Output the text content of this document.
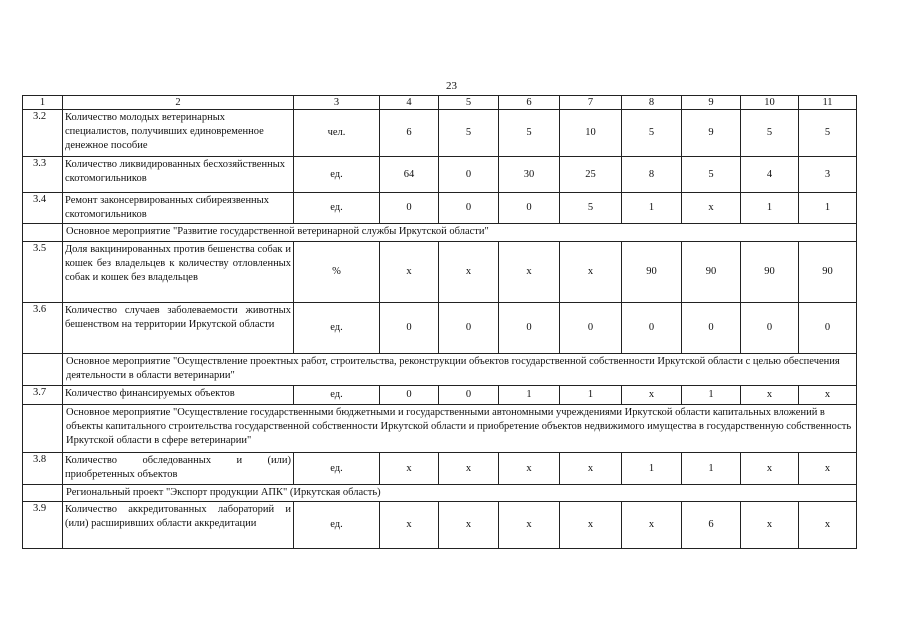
23
1	2	3	4	5	6	7	8	9	10	11
3.2	Количество молодых ветеринарных специалистов, получивших единовременное денежное пособие	чел.	6	5	5	10	5	9	5	5
3.3	Количество ликвидированных бесхозяйственных скотомогильников	ед.	64	0	30	25	8	5	4	3
3.4	Ремонт законсервированных сибиреязвенных скотомогильников	ед.	0	0	0	5	1	x	1	1
	Основное мероприятие "Развитие государственной ветеринарной службы Иркутской области"									
3.5	Доля вакцинированных против бешенства собак и кошек без владельцев к количеству отловленных собак и кошек без владельцев	%	x	x	x	x	90	90	90	90
3.6	Количество случаев заболеваемости животных бешенством на территории Иркутской области	ед.	0	0	0	0	0	0	0	0
	Основное мероприятие "Осуществление проектных работ, строительства, реконструкции объектов государственной собственности Иркутской области с целью обеспечения деятельности в области ветеринарии"									
3.7	Количество финансируемых объектов	ед.	0	0	1	1	x	1	x	x
	Основное мероприятие "Осуществление государственными бюджетными и государственными автономными учреждениями Иркутской области капитальных вложений в объекты капитального строительства государственной собственности Иркутской области и приобретение объектов недвижимого имущества в государственную собственность Иркутской области в сфере ветеринарии"									
3.8	Количество обследованных и (или) приобретенных объектов	ед.	x	x	x	x	1	1	x	x
	Региональный проект "Экспорт продукции АПК" (Иркутская область)									
3.9	Количество аккредитованных лабораторий и (или) расширивших области аккредитации	ед.	x	x	x	x	x	6	x	x
